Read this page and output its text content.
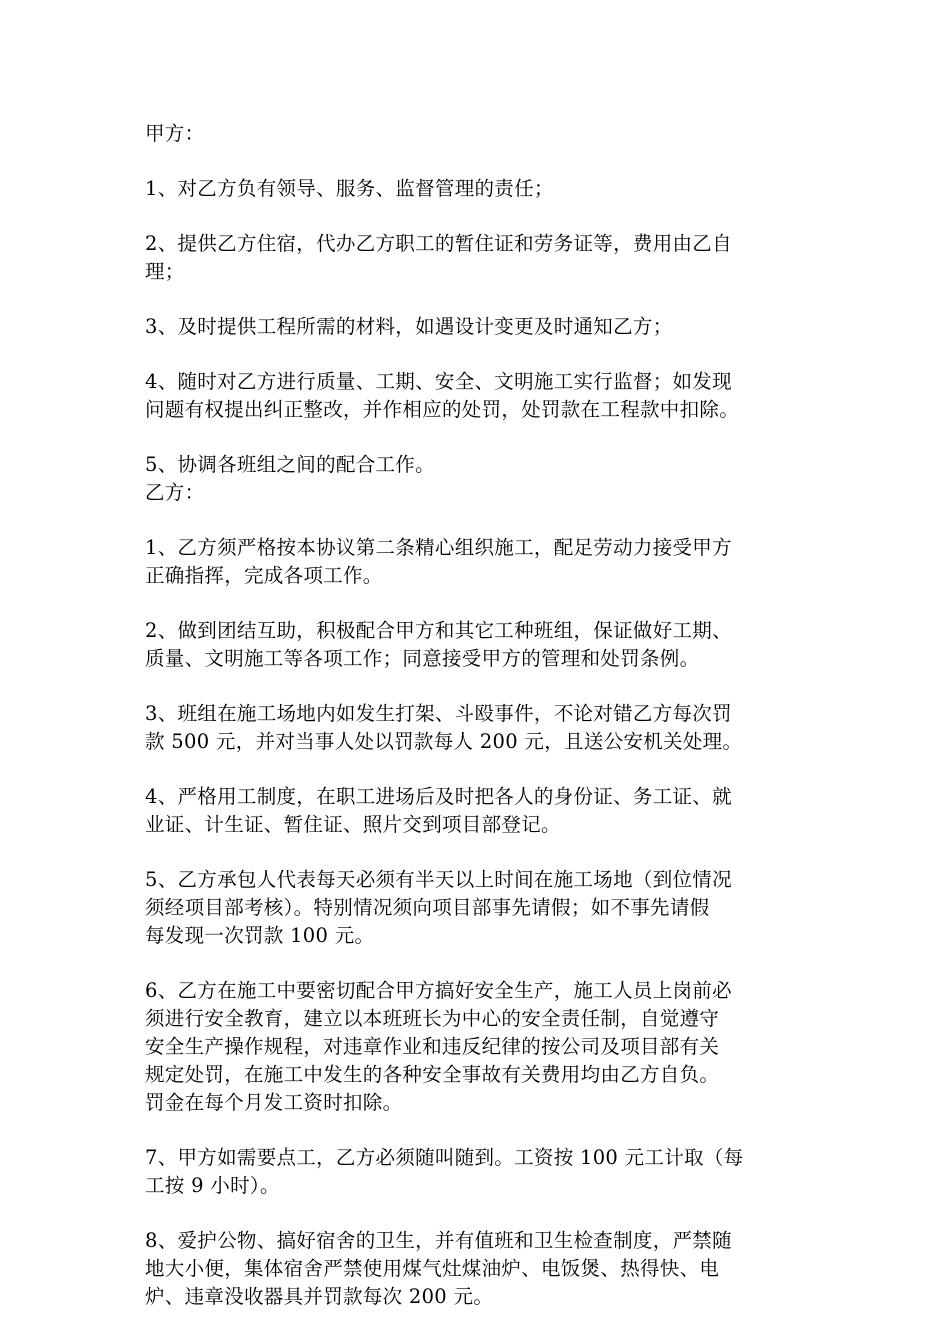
甲方：

1、对乙方负有领导、服务、监督管理的责任；

2、提供乙方住宿，代办乙方职工的暂住证和劳务证等，费用由乙自
理；

3、及时提供工程所需的材料，如遇设计变更及时通知乙方；

4、随时对乙方进行质量、工期、安全、文明施工实行监督；如发现
问题有权提出纠正整改，并作相应的处罚，处罚款在工程款中扣除。

5、协调各班组之间的配合工作。

乙方：

1、乙方须严格按本协议第二条精心组织施工，配足劳动力接受甲方
正确指挥，完成各项工作。

2、做到团结互助，积极配合甲方和其它工种班组，保证做好工期、
质量、文明施工等各项工作；同意接受甲方的管理和处罚条例。

3、班组在施工场地内如发生打架、斗殴事件，不论对错乙方每次罚
款 500 元，并对当事人处以罚款每人 200 元，且送公安机关处理。

4、严格用工制度，在职工进场后及时把各人的身份证、务工证、就
业证、计生证、暂住证、照片交到项目部登记。

5、乙方承包人代表每天必须有半天以上时间在施工场地（到位情况
须经项目部考核）。特别情况须向项目部事先请假；如不事先请假
每发现一次罚款 100 元。

6、乙方在施工中要密切配合甲方搞好安全生产，施工人员上岗前必
须进行安全教育，建立以本班班长为中心的安全责任制，自觉遵守
安全生产操作规程，对违章作业和违反纪律的按公司及项目部有关
规定处罚，在施工中发生的各种安全事故有关费用均由乙方自负。
罚金在每个月发工资时扣除。

7、甲方如需要点工，乙方必须随叫随到。工资按 100 元工计取（每
工按 9 小时）。

8、爱护公物、搞好宿舍的卫生，并有值班和卫生检查制度，严禁随
地大小便，集体宿舍严禁使用煤气灶煤油炉、电饭煲、热得快、电
炉、违章没收器具并罚款每次 200 元。
